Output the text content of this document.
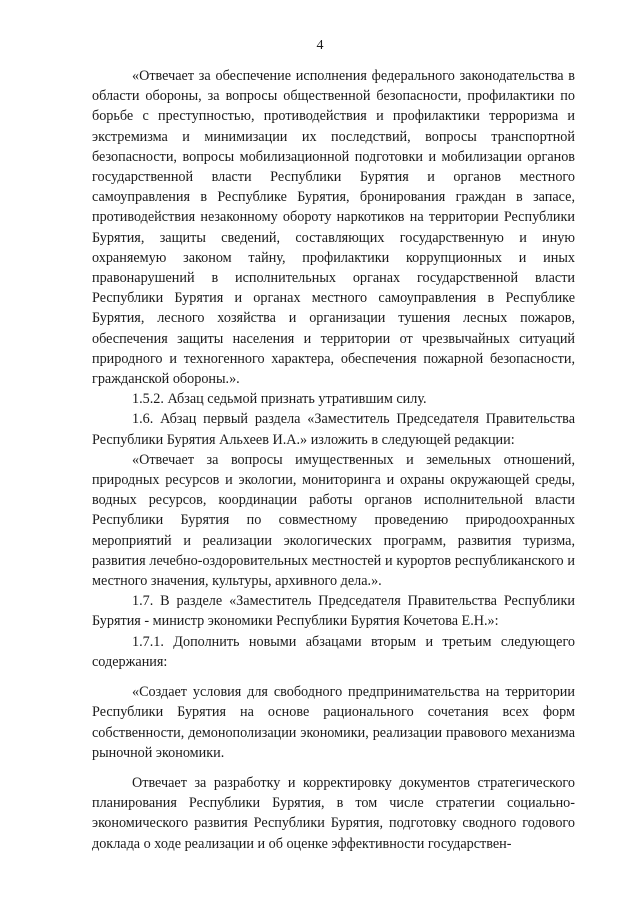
4

«Отвечает за обеспечение исполнения федерального законодательства в области обороны, за вопросы общественной безопасности, профилактики по борьбе с преступностью, противодействия и профилактики терроризма и экстремизма и минимизации их последствий, вопросы транспортной безопасности, вопросы мобилизационной подготовки и мобилизации органов государственной власти Республики Бурятия и органов местного самоуправления в Республике Бурятия, бронирования граждан в запасе, противодействия незаконному обороту наркотиков на территории Республики Бурятия, защиты сведений, составляющих государственную и иную охраняемую законом тайну, профилактики коррупционных и иных правонарушений в исполнительных органах государственной власти Республики Бурятия и органах местного самоуправления в Республике Бурятия, лесного хозяйства и организации тушения лесных пожаров, обеспечения защиты населения и территории от чрезвычайных ситуаций природного и техногенного характера, обеспечения пожарной безопасности, гражданской обороны.».

1.5.2. Абзац седьмой признать утратившим силу.

1.6. Абзац первый раздела «Заместитель Председателя Правительства Республики Бурятия Альхеев И.А.» изложить в следующей редакции:

«Отвечает за вопросы имущественных и земельных отношений, природных ресурсов и экологии, мониторинга и охраны окружающей среды, водных ресурсов, координации работы органов исполнительной власти Республики Бурятия по совместному проведению природоохранных мероприятий и реализации экологических программ, развития туризма, развития лечебно-оздоровительных местностей и курортов республиканского и местного значения, культуры, архивного дела.».

1.7. В разделе «Заместитель Председателя Правительства Республики Бурятия - министр экономики Республики Бурятия Кочетова Е.Н.»:

1.7.1. Дополнить новыми абзацами вторым и третьим следующего содержания:

«Создает условия для свободного предпринимательства на территории Республики Бурятия на основе рационального сочетания всех форм собственности, демонополизации экономики, реализации правового механизма рыночной экономики.

Отвечает за разработку и корректировку документов стратегического планирования Республики Бурятия, в том числе стратегии социально-экономического развития Республики Бурятия, подготовку сводного годового доклада о ходе реализации и об оценке эффективности государствен-
